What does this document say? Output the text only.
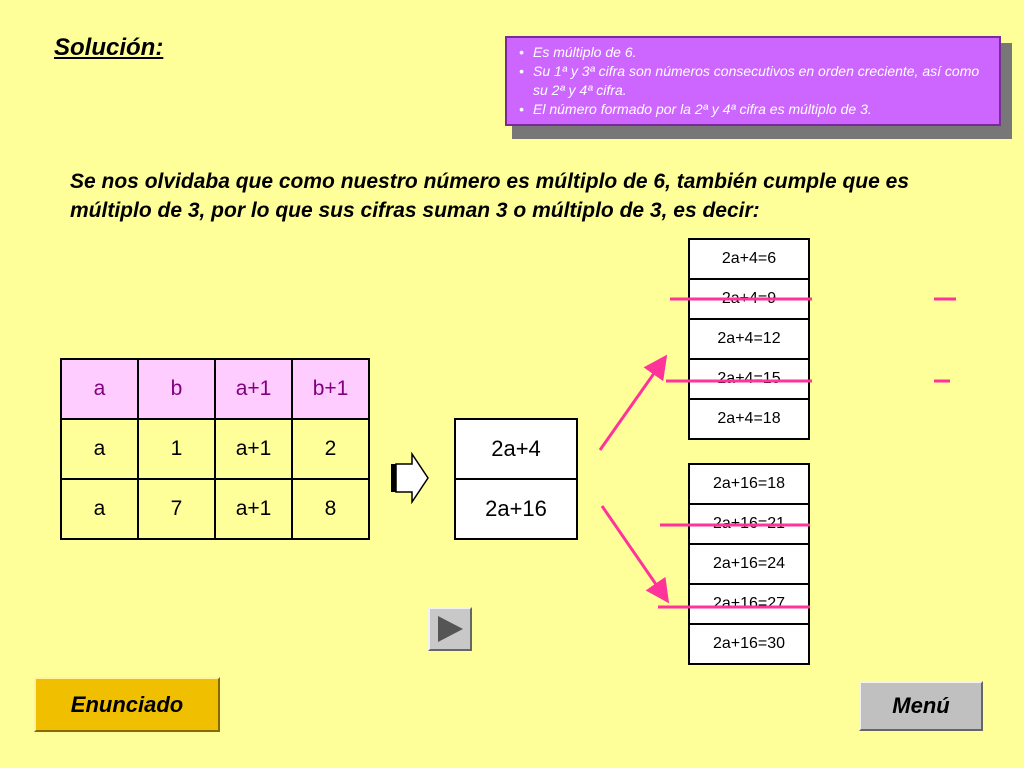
Solución:	• Es múltiplo de 6.
• Su 1ª y 3ª cifra son números consecutivos en orden creciente, así como su 2ª y 4ª cifra.
• El número formado por la 2ª y 4ª cifra es múltiplo de 3.
Se nos olvidaba que como nuestro número es múltiplo de 6, también cumple que es múltiplo de 3, por lo que sus cifras suman 3 o múltiplo de 3, es decir:
a	b	a+1	b+1
a	1	a+1	2
a	7	a+1	8
2a+4
2a+16
2a+4=6
2a+4=9
2a+4=12
2a+4=15
2a+4=18
2a+16=18
2a+16=21
2a+16=24
2a+16=27
2a+16=30
Enunciado	Menú
